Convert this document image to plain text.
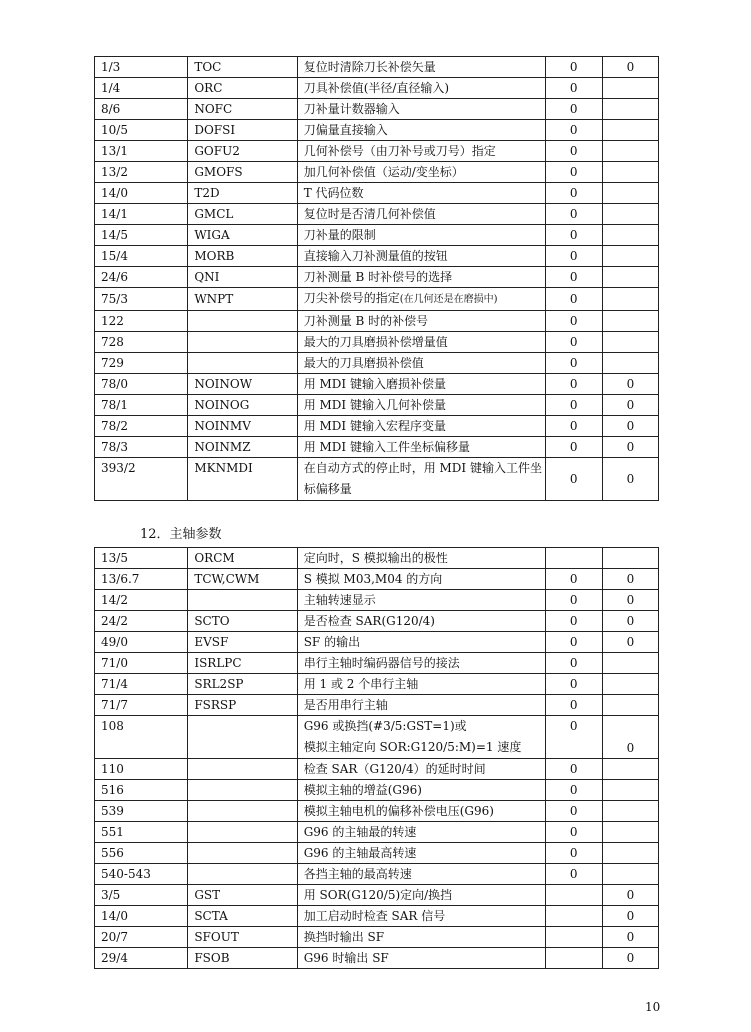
1/3	TOC	复位时清除刀长补偿矢量	0	0
1/4	ORC	刀具补偿值(半径/直径输入)	0	
8/6	NOFC	刀补量计数器输入	0	
10/5	DOFSI	刀偏量直接输入	0	
13/1	GOFU2	几何补偿号（由刀补号或刀号）指定	0	
13/2	GMOFS	加几何补偿值（运动/变坐标）	0	
14/0	T2D	T 代码位数	0	
14/1	GMCL	复位时是否清几何补偿值	0	
14/5	WIGA	刀补量的限制	0	
15/4	MORB	直接输入刀补测量值的按钮	0	
24/6	QNI	刀补测量 B 时补偿号的选择	0	
75/3	WNPT	刀尖补偿号的指定(在几何还是在磨损中)	0	
122		刀补测量 B 时的补偿号	0	
728		最大的刀具磨损补偿增量值	0	
729		最大的刀具磨损补偿值	0	
78/0	NOINOW	用 MDI 键输入磨损补偿量	0	0
78/1	NOINOG	用 MDI 键输入几何补偿量	0	0
78/2	NOINMV	用 MDI 键输入宏程序变量	0	0
78/3	NOINMZ	用 MDI 键输入工件坐标偏移量	0	0
393/2	MKNMDI	在自动方式的停止时，用 MDI 键输入工件坐标偏移量	0	0
12．主轴参数
13/5	ORCM	定向时，S 模拟输出的极性		
13/6.7	TCW,CWM	S 模拟 M03,M04 的方向	0	0
14/2		主轴转速显示	0	0
24/2	SCTO	是否检查 SAR(G120/4)	0	0
49/0	EVSF	SF 的输出	0	0
71/0	ISRLPC	串行主轴时编码器信号的接法	0	
71/4	SRL2SP	用 1 或 2 个串行主轴	0	
71/7	FSRSP	是否用串行主轴	0	
108		G96 或换挡(#3/5:GST=1)或
模拟主轴定向 SOR:G120/5:M)=1 速度	0	0
110		检查 SAR（G120/4）的延时时间	0	
516		模拟主轴的增益(G96)	0	
539		模拟主轴电机的偏移补偿电压(G96)	0	
551		G96 的主轴最的转速	0	
556		G96 的主轴最高转速	0	
540-543		各挡主轴的最高转速	0	
3/5	GST	用 SOR(G120/5)定向/换挡		0
14/0	SCTA	加工启动时检查 SAR 信号		0
20/7	SFOUT	换挡时输出 SF		0
29/4	FSOB	G96 时输出 SF		0
10
